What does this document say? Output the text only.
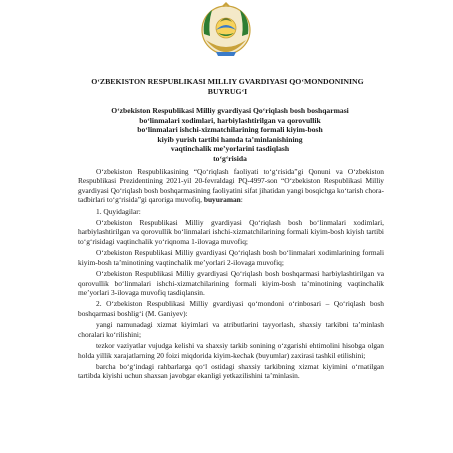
O‘ZBEKISTON RESPUBLIKASI MILLIY GVARDIYASI QO‘MONDONINING
BUYRUG‘I
O‘zbekiston Respublikasi Milliy gvardiyasi Qo‘riqlash bosh boshqarmasi
bo‘linmalari xodimlari, harbiylashtirilgan va qorovullik
bo‘linmalari ishchi-xizmatchilarining formali kiyim-bosh
kiyib yurish tartibi hamda ta’minlanishining
vaqtinchalik me’yorlarini tasdiqlash
to‘g‘risida

O‘zbekiston Respublikasining “Qo‘riqlash faoliyati to‘g‘risida”gi Qonuni va O‘zbekiston Respublikasi Prezidentining 2021-yil 20-fevraldagi PQ-4997-son “O‘zbekiston Respublikasi Milliy gvardiyasi Qo‘riqlash bosh boshqarmasining faoliyatini sifat jihatidan yangi bosqichga ko‘tarish chora-tadbirlari to‘g‘risida”gi qaroriga muvofiq, buyuraman:

1. Quyidagilar:

O‘zbekiston Respublikasi Milliy gvardiyasi Qo‘riqlash bosh bo‘linmalari xodimlari, harbiylashtirilgan va qorovullik bo‘linmalari ishchi-xizmatchilarining formali kiyim-bosh kiyish tartibi to‘g‘risidagi vaqtinchalik yo‘riqnoma 1-ilovaga muvofiq;

O‘zbekiston Respublikasi Milliy gvardiyasi Qo‘riqlash bosh bo‘linmalari xodimlarining formali kiyim-bosh ta’minotining vaqtinchalik me’yorlari 2-ilovaga muvofiq;

O‘zbekiston Respublikasi Milliy gvardiyasi Qo‘riqlash bosh boshqarmasi harbiylashtirilgan va qorovullik bo‘linmalari ishchi-xizmatchilarining formali kiyim-bosh ta’minotining vaqtinchalik me’yorlari 3-ilovaga muvofiq tasdiqlansin.

2. O‘zbekiston Respublikasi Milliy gvardiyasi qo‘mondoni o‘rinbosari – Qo‘riqlash bosh boshqarmasi boshlig‘i (M. Ganiyev):

yangi namunadagi xizmat kiyimlari va atributlarini tayyorlash, shaxsiy tarkibni ta’minlash choralari ko‘rilishini;

tezkor vaziyatlar vujudga kelishi va shaxsiy tarkib sonining o‘zgarishi ehtimolini hisobga olgan holda yillik xarajatlarning 20 foizi miqdorida kiyim-kechak (buyumlar) zaxirasi tashkil etilishini;

barcha bo‘g‘indagi rahbarlarga qo‘l ostidagi shaxsiy tarkibning xizmat kiyimini o‘rnatilgan tartibda kiyishi uchun shaxsan javobgar ekanligi yetkazilishini ta’minlasin.
